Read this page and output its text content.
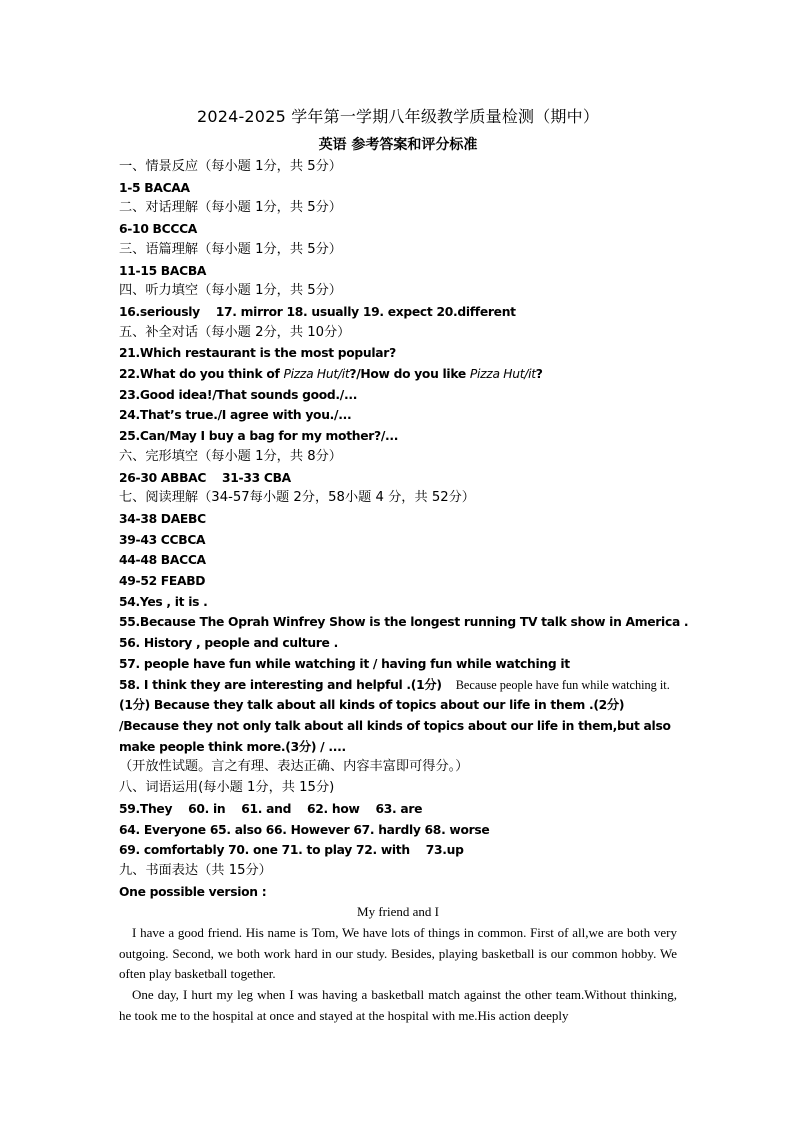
2024-2025 学年第一学期八年级教学质量检测（期中）
英语 参考答案和评分标准
一、情景反应（每小题 1分，共 5分）
1-5 BACAA
二、对话理解（每小题 1分，共 5分）
6-10 BCCCA
三、语篇理解（每小题 1分，共 5分）
11-15 BACBA
四、听力填空（每小题 1分，共 5分）
16.seriously    17. mirror 18. usually 19. expect 20.different
五、补全对话（每小题 2分，共 10分）
21.Which restaurant is the most popular?
22.What do you think of Pizza Hut/it?/How do you like Pizza Hut/it?
23.Good idea!/That sounds good./...
24.That’s true./I agree with you./...
25.Can/May I buy a bag for my mother?/...
六、完形填空（每小题 1分，共 8分）
26-30 ABBAC    31-33 CBA
七、阅读理解（34-57每小题 2分，58小题 4 分，共 52分）
34-38 DAEBC
39-43 CCBCA
44-48 BACCA
49-52 FEABD
54.Yes , it is .
55.Because The Oprah Winfrey Show is the longest running TV talk show in America .
56. History , people and culture .
57. people have fun while watching it / having fun while watching it
58. I think they are interesting and helpful .(1分) Because people have fun while watching it.(1分) Because they talk about all kinds of topics about our life in them .(2分) /Because they not only talk about all kinds of topics about our life in them,but also make people think more.(3分) / ....
（开放性试题。言之有理、表达正确、内容丰富即可得分。）
八、词语运用(每小题 1分，共 15分)
59.They    60. in    61. and    62. how    63. are
64. Everyone 65. also 66. However 67. hardly 68. worse
69. comfortably 70. one 71. to play 72. with    73.up
九、书面表达（共 15分）
One possible version :
My friend and I

I have a good friend. His name is Tom, We have lots of things in common. First of all,we are both very outgoing. Second, we both work hard in our study. Besides, playing basketball is our common hobby. We often play basketball together.

One day, I hurt my leg when I was having a basketball match against the other team.Without thinking, he took me to the hospital at once and stayed at the hospital with me.His action deeply
